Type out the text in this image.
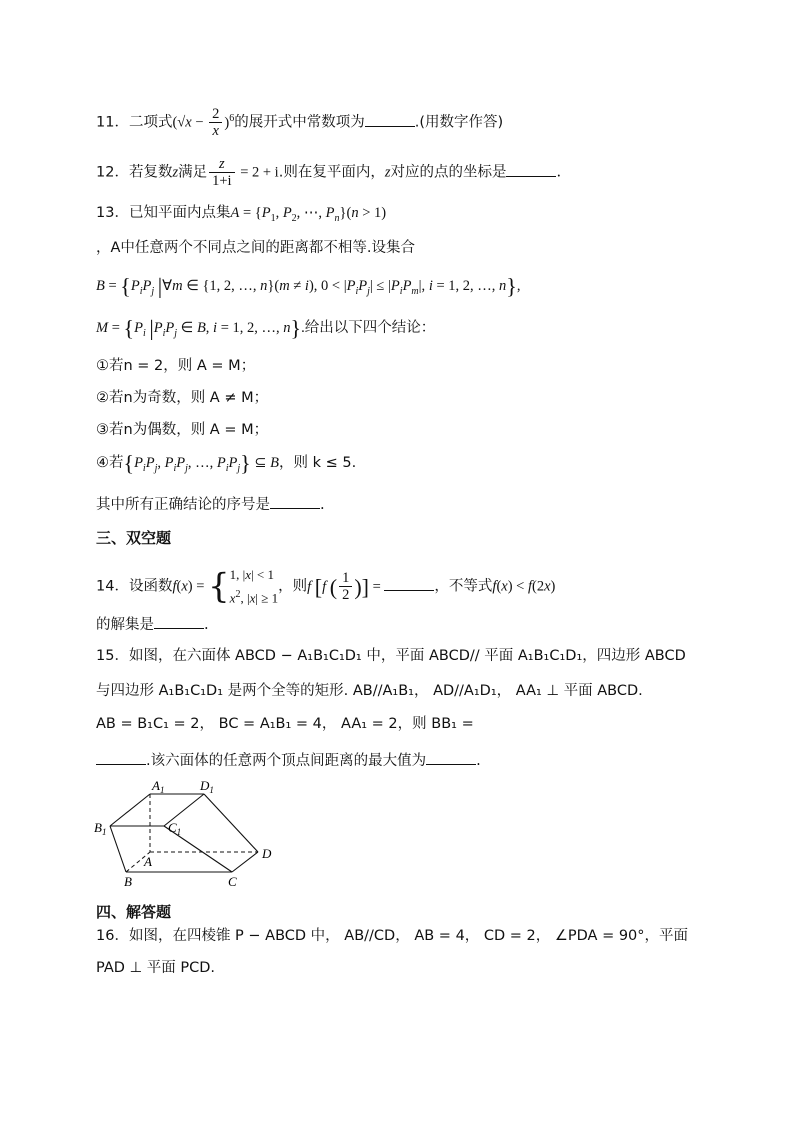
11．二项式$(√x - \frac{2}{x} )^6$的展开式中常数项为	.(用数字作答)
12．若复数z满足 $\frac{z}{1+i} = 2 + i$.则在复平面内，z对应的点的坐标是	.
13．已知平面内点集$A = \{P_1$, $P_2$, ⋯, $P_n\}(n > 1)$
，A中任意两个不同点之间的距离都不相等.设集合
$B = \{P_iP_j$ |∀m ∈ {1, 2, …, n}(m ≠ i), $0 < |P_iP_j| \le |P_iP_m|$, i = 1, 2, …, n},
$M = \{P_i$ $|P_iP_j$ ∈ B, i = 1, 2, …, n}.给出以下四个结论：
①若n = 2，则 A = M；
②若n为奇数，则 A ≠ M；
③若n为偶数，则 A = M；
④若{$P_iP_j$, $P_iP_j$, …, $P_iP_j$} ⊆ B，则 k ≤ 5.
其中所有正确结论的序号是	.
三、双空题
14．设函数f(x) = { 1, |x| < 1
$x^2$, |x| ≥ 1
，则f [f ( $\frac{1}{2}$ )] =	，不等式f(x) < f(2x)
的解集是	.
15．如图，在六面体 ABCD − A₁B₁C₁D₁ 中，平面 ABCD// 平面 A₁B₁C₁D₁，四边形 ABCD
与四边形 A₁B₁C₁D₁ 是两个全等的矩形. AB//A₁B₁， AD//A₁D₁， AA₁ ⊥ 平面 ABCD.
AB = B₁C₁ = 2， BC = A₁B₁ = 4， AA₁ = 2，则 BB₁ =
.该六面体的任意两个顶点间距离的最大值为	.
$A_1$	$D_1$
$B_1$	$C_1$
A
D
B	C
四、解答题
16．如图，在四棱锥 P − ABCD 中， AB//CD， AB = 4， CD = 2， ∠PDA = 90°，平面
PAD ⊥ 平面 PCD.
